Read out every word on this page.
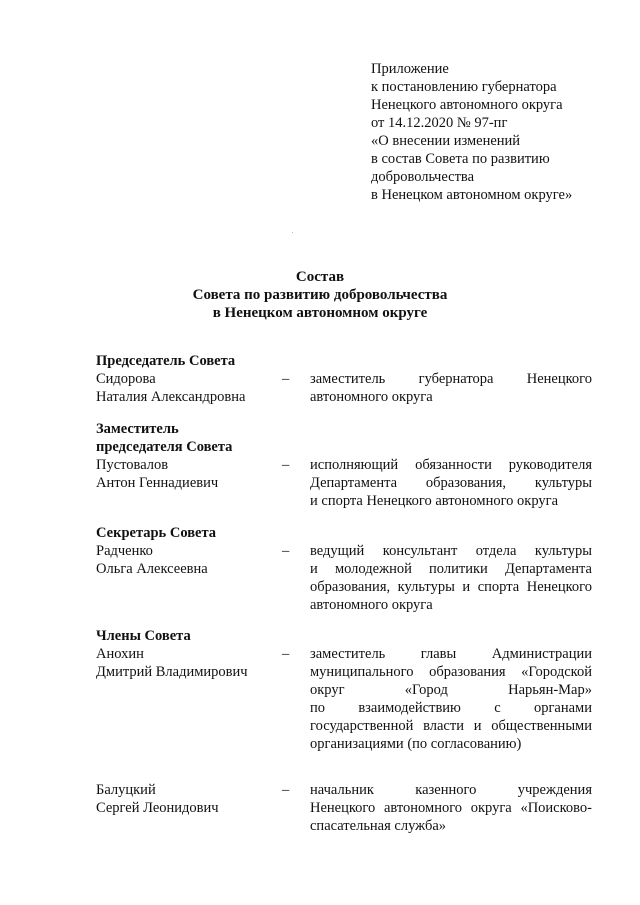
Приложение
к постановлению губернатора
Ненецкого автономного округа
от 14.12.2020 № 97-пг
«О внесении изменений
в состав Совета по развитию
добровольчества
в Ненецком автономном округе»
Состав
Совета по развитию добровольчества
в Ненецком автономном округе
Председатель Совета
Сидорова
Наталия Александровна
– заместитель губернатора Ненецкого
автономного округа
Заместитель
председателя Совета
Пустовалов
Антон Геннадиевич
– исполняющий обязанности руководителя
Департамента образования, культуры
и спорта Ненецкого автономного округа
Секретарь Совета
Радченко
Ольга Алексеевна
– ведущий консультант отдела культуры
и молодежной политики Департамента
образования, культуры и спорта Ненецкого
автономного округа
Члены Совета
Анохин
Дмитрий Владимирович
– заместитель главы Администрации
муниципального образования «Городской
округ «Город Нарьян-Мар»
по взаимодействию с органами
государственной власти и общественными
организациями (по согласованию)
Балуцкий
Сергей Леонидович
– начальник казенного учреждения
Ненецкого автономного округа «Поисково-
спасательная служба»
